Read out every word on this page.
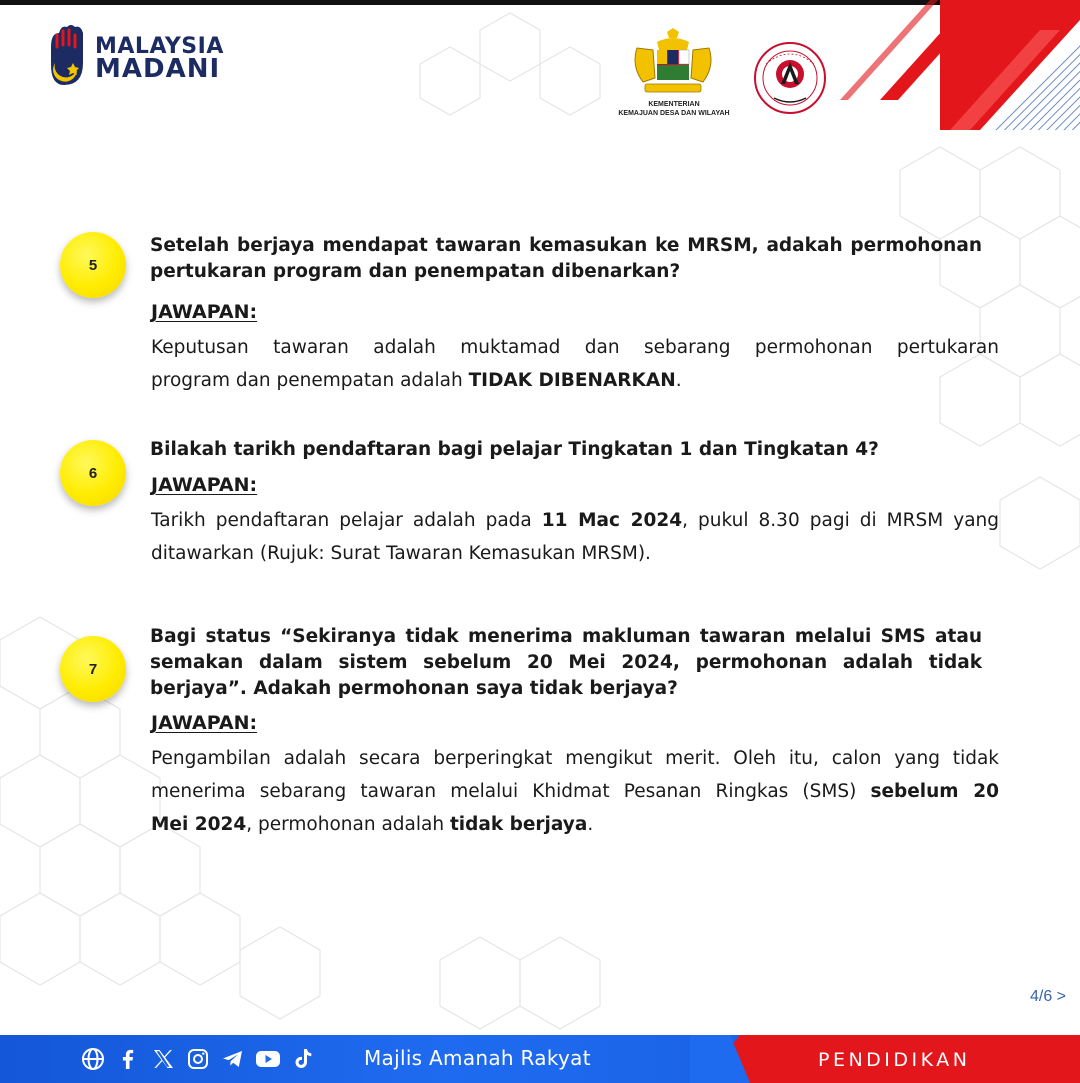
MALAYSIA
MADANI
KEMENTERIAN
KEMAJUAN DESA DAN WILAYAH
5
Setelah berjaya mendapat tawaran kemasukan ke MRSM, adakah permohonan
pertukaran program dan penempatan dibenarkan?
JAWAPAN:
Keputusan tawaran adalah muktamad dan sebarang permohonan pertukaran
program dan penempatan adalah TIDAK DIBENARKAN.
6
Bilakah tarikh pendaftaran bagi pelajar Tingkatan 1 dan Tingkatan 4?
JAWAPAN:
Tarikh pendaftaran pelajar adalah pada 11 Mac 2024, pukul 8.30 pagi di MRSM yang
ditawarkan (Rujuk: Surat Tawaran Kemasukan MRSM).
7
Bagi status “Sekiranya tidak menerima makluman tawaran melalui SMS atau
semakan dalam sistem sebelum 20 Mei 2024, permohonan adalah tidak
berjaya”. Adakah permohonan saya tidak berjaya?
JAWAPAN:
Pengambilan adalah secara berperingkat mengikut merit. Oleh itu, calon yang tidak
menerima sebarang tawaran melalui Khidmat Pesanan Ringkas (SMS) sebelum 20
Mei 2024, permohonan adalah tidak berjaya.
4/6 >
Majlis Amanah Rakyat	PENDIDIKAN
